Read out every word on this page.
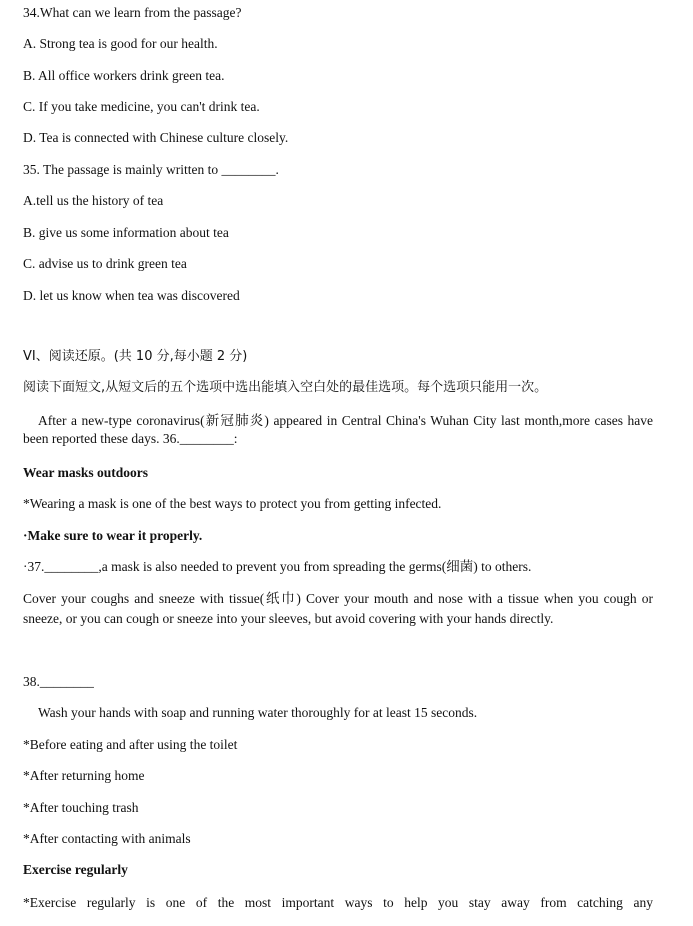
34.What can we learn from the passage?
A. Strong tea is good for our health.
B. All office workers drink green tea.
C. If you take medicine, you can't drink tea.
D. Tea is connected with Chinese culture closely.
35. The passage is mainly written to ________.
A.tell us the history of tea
B. give us some information about tea
C. advise us to drink green tea
D. let us know when tea was discovered
VI、阅读还原。(共 10 分,每小题 2 分)
阅读下面短文,从短文后的五个选项中选出能填入空白处的最佳选项。每个选项只能用一次。
After a new-type coronavirus(新冠肺炎) appeared in Central China's Wuhan City last month,more cases have been reported these days. 36.________:
Wear masks outdoors
*Wearing a mask is one of the best ways to protect you from getting infected.
·Make sure to wear it properly.
·37.________,a mask is also needed to prevent you from spreading the germs(细菌) to others.
Cover your coughs and sneeze with tissue(纸巾) Cover your mouth and nose with a tissue when you cough or sneeze, or you can cough or sneeze into your sleeves, but avoid covering with your hands directly.
38.________
Wash your hands with soap and running water thoroughly for at least 15 seconds.
*Before eating and after using the toilet
*After returning home
*After touching trash
*After contacting with animals
Exercise regularly
*Exercise regularly is one of the most important ways to help you stay away from catching any
